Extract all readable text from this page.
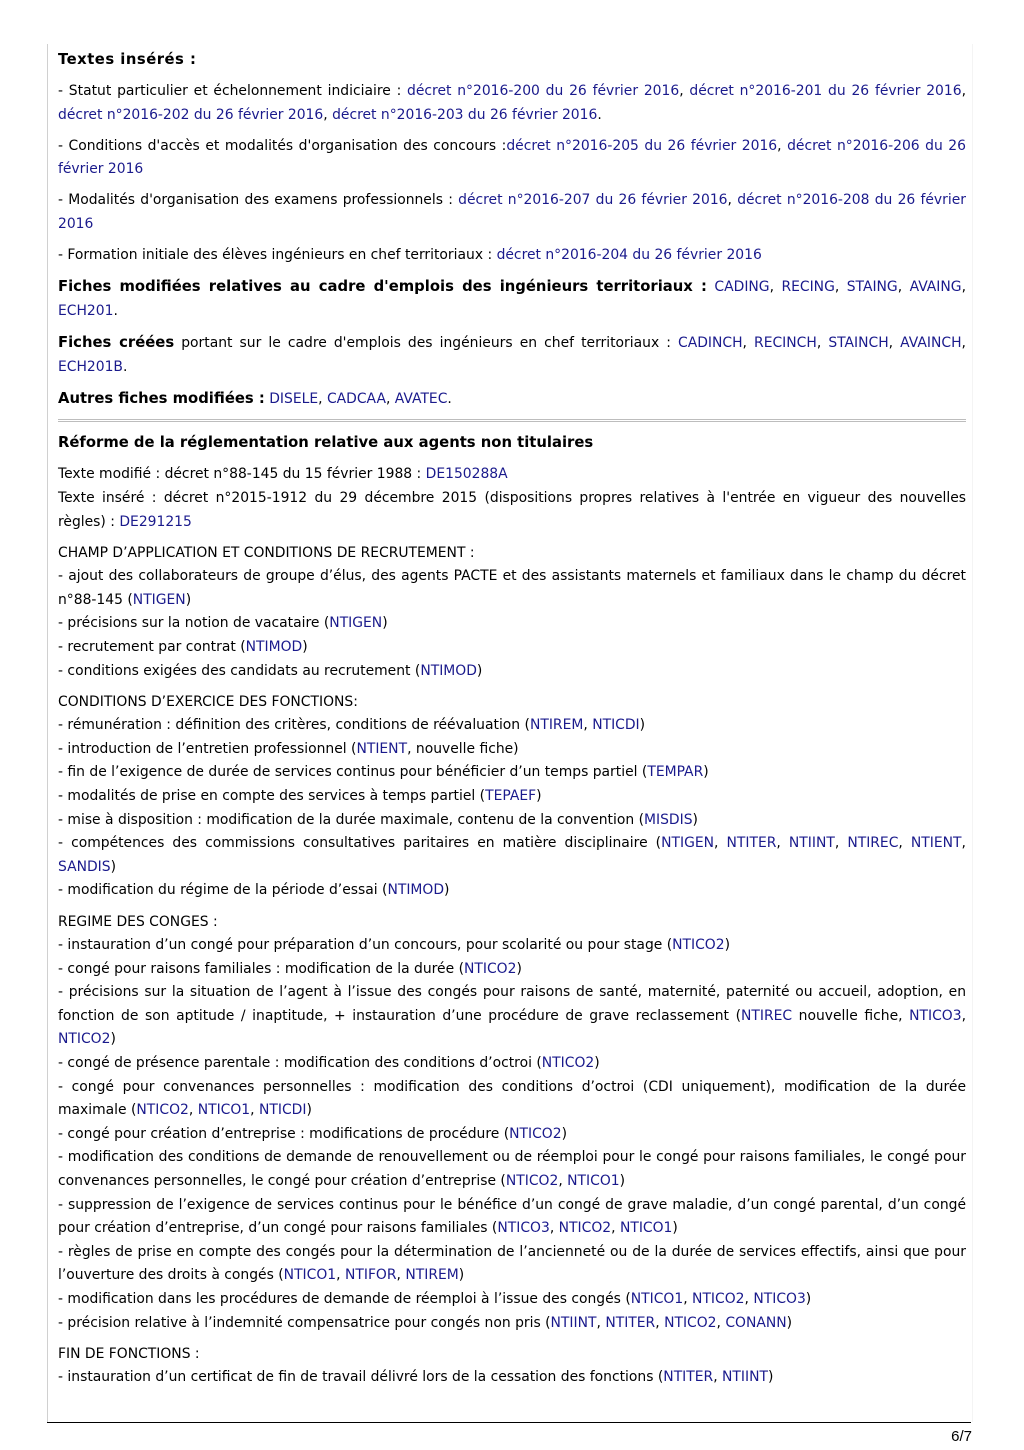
Textes insérés :

- Statut particulier et échelonnement indiciaire : décret n°2016-200 du 26 février 2016, décret n°2016-201 du 26 février 2016, décret n°2016-202 du 26 février 2016, décret n°2016-203 du 26 février 2016.

- Conditions d'accès et modalités d'organisation des concours :décret n°2016-205 du 26 février 2016, décret n°2016-206 du 26 février 2016

- Modalités d'organisation des examens professionnels : décret n°2016-207 du 26 février 2016, décret n°2016-208 du 26 février 2016

- Formation initiale des élèves ingénieurs en chef territoriaux : décret n°2016-204 du 26 février 2016

Fiches modifiées relatives au cadre d'emplois des ingénieurs territoriaux : CADING, RECING, STAING, AVAING, ECH201.

Fiches créées portant sur le cadre d'emplois des ingénieurs en chef territoriaux : CADINCH, RECINCH, STAINCH, AVAINCH, ECH201B.

Autres fiches modifiées : DISELE, CADCAA, AVATEC.

Réforme de la réglementation relative aux agents non titulaires

Texte modifié : décret n°88-145 du 15 février 1988 : DE150288A
Texte inséré : décret n°2015-1912 du 29 décembre 2015 (dispositions propres relatives à l'entrée en vigueur des nouvelles règles) : DE291215

CHAMP D’APPLICATION ET CONDITIONS DE RECRUTEMENT :
- ajout des collaborateurs de groupe d’élus, des agents PACTE et des assistants maternels et familiaux dans le champ du décret n°88-145 (NTIGEN)
- précisions sur la notion de vacataire (NTIGEN)
- recrutement par contrat (NTIMOD)
- conditions exigées des candidats au recrutement (NTIMOD)
CONDITIONS D’EXERCICE DES FONCTIONS:
- rémunération : définition des critères, conditions de réévaluation (NTIREM, NTICDI)
- introduction de l’entretien professionnel (NTIENT, nouvelle fiche)
- fin de l’exigence de durée de services continus pour bénéficier d’un temps partiel (TEMPAR)
- modalités de prise en compte des services à temps partiel (TEPAEF)
- mise à disposition : modification de la durée maximale, contenu de la convention (MISDIS)
- compétences des commissions consultatives paritaires en matière disciplinaire (NTIGEN, NTITER, NTIINT, NTIREC, NTIENT, SANDIS)
- modification du régime de la période d’essai (NTIMOD)
REGIME DES CONGES :
- instauration d’un congé pour préparation d’un concours, pour scolarité ou pour stage (NTICO2)
- congé pour raisons familiales : modification de la durée (NTICO2)
- précisions sur la situation de l’agent à l’issue des congés pour raisons de santé, maternité, paternité ou accueil, adoption, en fonction de son aptitude / inaptitude, + instauration d’une procédure de grave reclassement (NTIREC nouvelle fiche, NTICO3, NTICO2)
- congé de présence parentale : modification des conditions d’octroi (NTICO2)
- congé pour convenances personnelles : modification des conditions d’octroi (CDI uniquement), modification de la durée maximale (NTICO2, NTICO1, NTICDI)
- congé pour création d’entreprise : modifications de procédure (NTICO2)
- modification des conditions de demande de renouvellement ou de réemploi pour le congé pour raisons familiales, le congé pour convenances personnelles, le congé pour création d’entreprise (NTICO2, NTICO1)
- suppression de l’exigence de services continus pour le bénéfice d’un congé de grave maladie, d’un congé parental, d’un congé pour création d’entreprise, d’un congé pour raisons familiales (NTICO3, NTICO2, NTICO1)
- règles de prise en compte des congés pour la détermination de l’ancienneté ou de la durée de services effectifs, ainsi que pour l’ouverture des droits à congés (NTICO1, NTIFOR, NTIREM)
- modification dans les procédures de demande de réemploi à l’issue des congés (NTICO1, NTICO2, NTICO3)
- précision relative à l’indemnité compensatrice pour congés non pris (NTIINT, NTITER, NTICO2, CONANN)
FIN DE FONCTIONS :
- instauration d’un certificat de fin de travail délivré lors de la cessation des fonctions (NTITER, NTIINT)
6/7
